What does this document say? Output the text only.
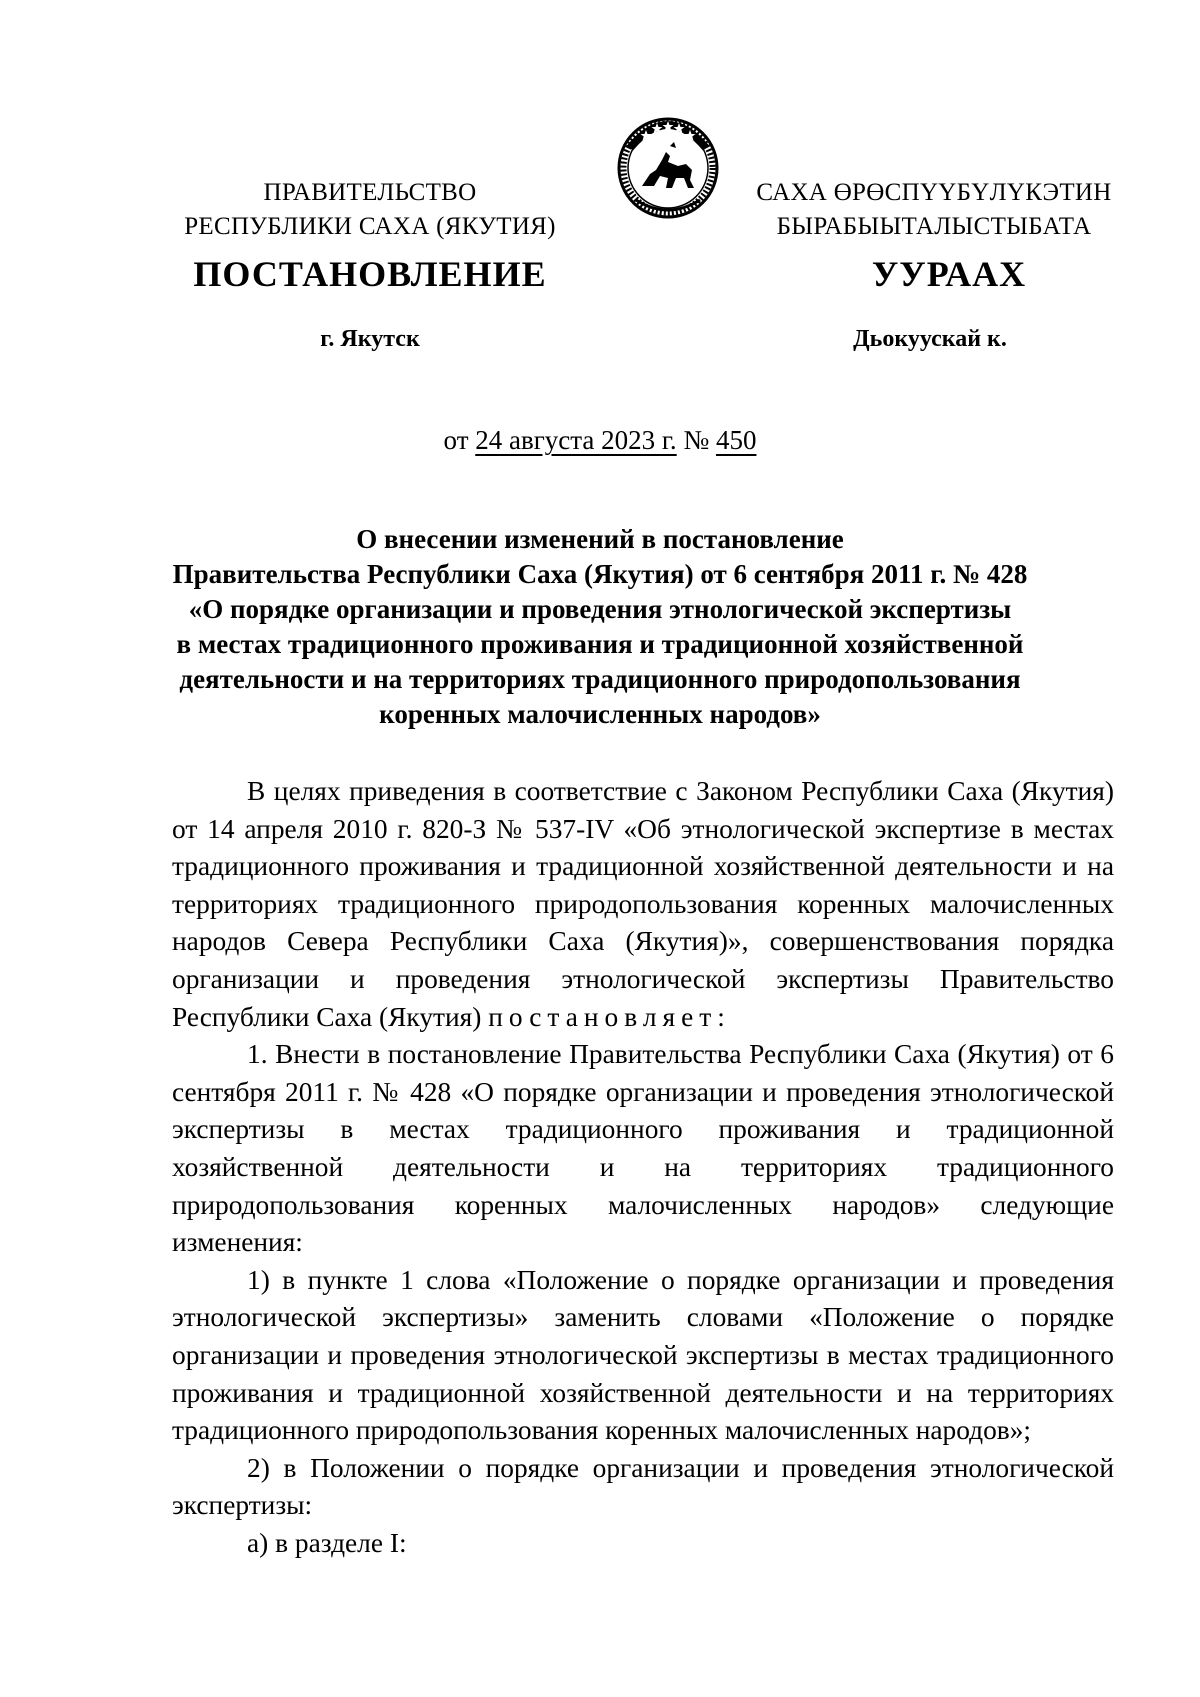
ПРАВИТЕЛЬСТВО
РЕСПУБЛИКИ САХА (ЯКУТИЯ)
САХА ӨРӨСПҮҮБҮЛҮКЭТИН
БЫРАБЫЫТАЛЫСТЫБАТА
ПОСТАНОВЛЕНИЕ	УУРААХ
г. Якутск	Дьокуускай к.
от 24 августа 2023 г. № 450
О внесении изменений в постановление
Правительства Республики Саха (Якутия) от 6 сентября 2011 г. № 428
«О порядке организации и проведения этнологической экспертизы
в местах традиционного проживания и традиционной хозяйственной
деятельности и на территориях традиционного природопользования
коренных малочисленных народов»

В целях приведения в соответствие с Законом Республики Саха (Якутия) от 14 апреля 2010 г. 820-З № 537-IV «Об этнологической экспертизе в местах традиционного проживания и традиционной хозяйственной деятельности и на территориях традиционного природопользования коренных малочисленных народов Севера Республики Саха (Якутия)», совершенствования порядка организации и проведения этнологической экспертизы Правительство Республики Саха (Якутия) постановляет:

1. Внести в постановление Правительства Республики Саха (Якутия) от 6 сентября 2011 г. № 428 «О порядке организации и проведения этнологической экспертизы в местах традиционного проживания и традиционной хозяйственной деятельности и на территориях традиционного природопользования коренных малочисленных народов» следующие изменения:

1) в пункте 1 слова «Положение о порядке организации и проведения этнологической экспертизы» заменить словами «Положение о порядке организации и проведения этнологической экспертизы в местах традиционного проживания и традиционной хозяйственной деятельности и на территориях традиционного природопользования коренных малочисленных народов»;

2) в Положении о порядке организации и проведения этнологической экспертизы:

а) в разделе I:
